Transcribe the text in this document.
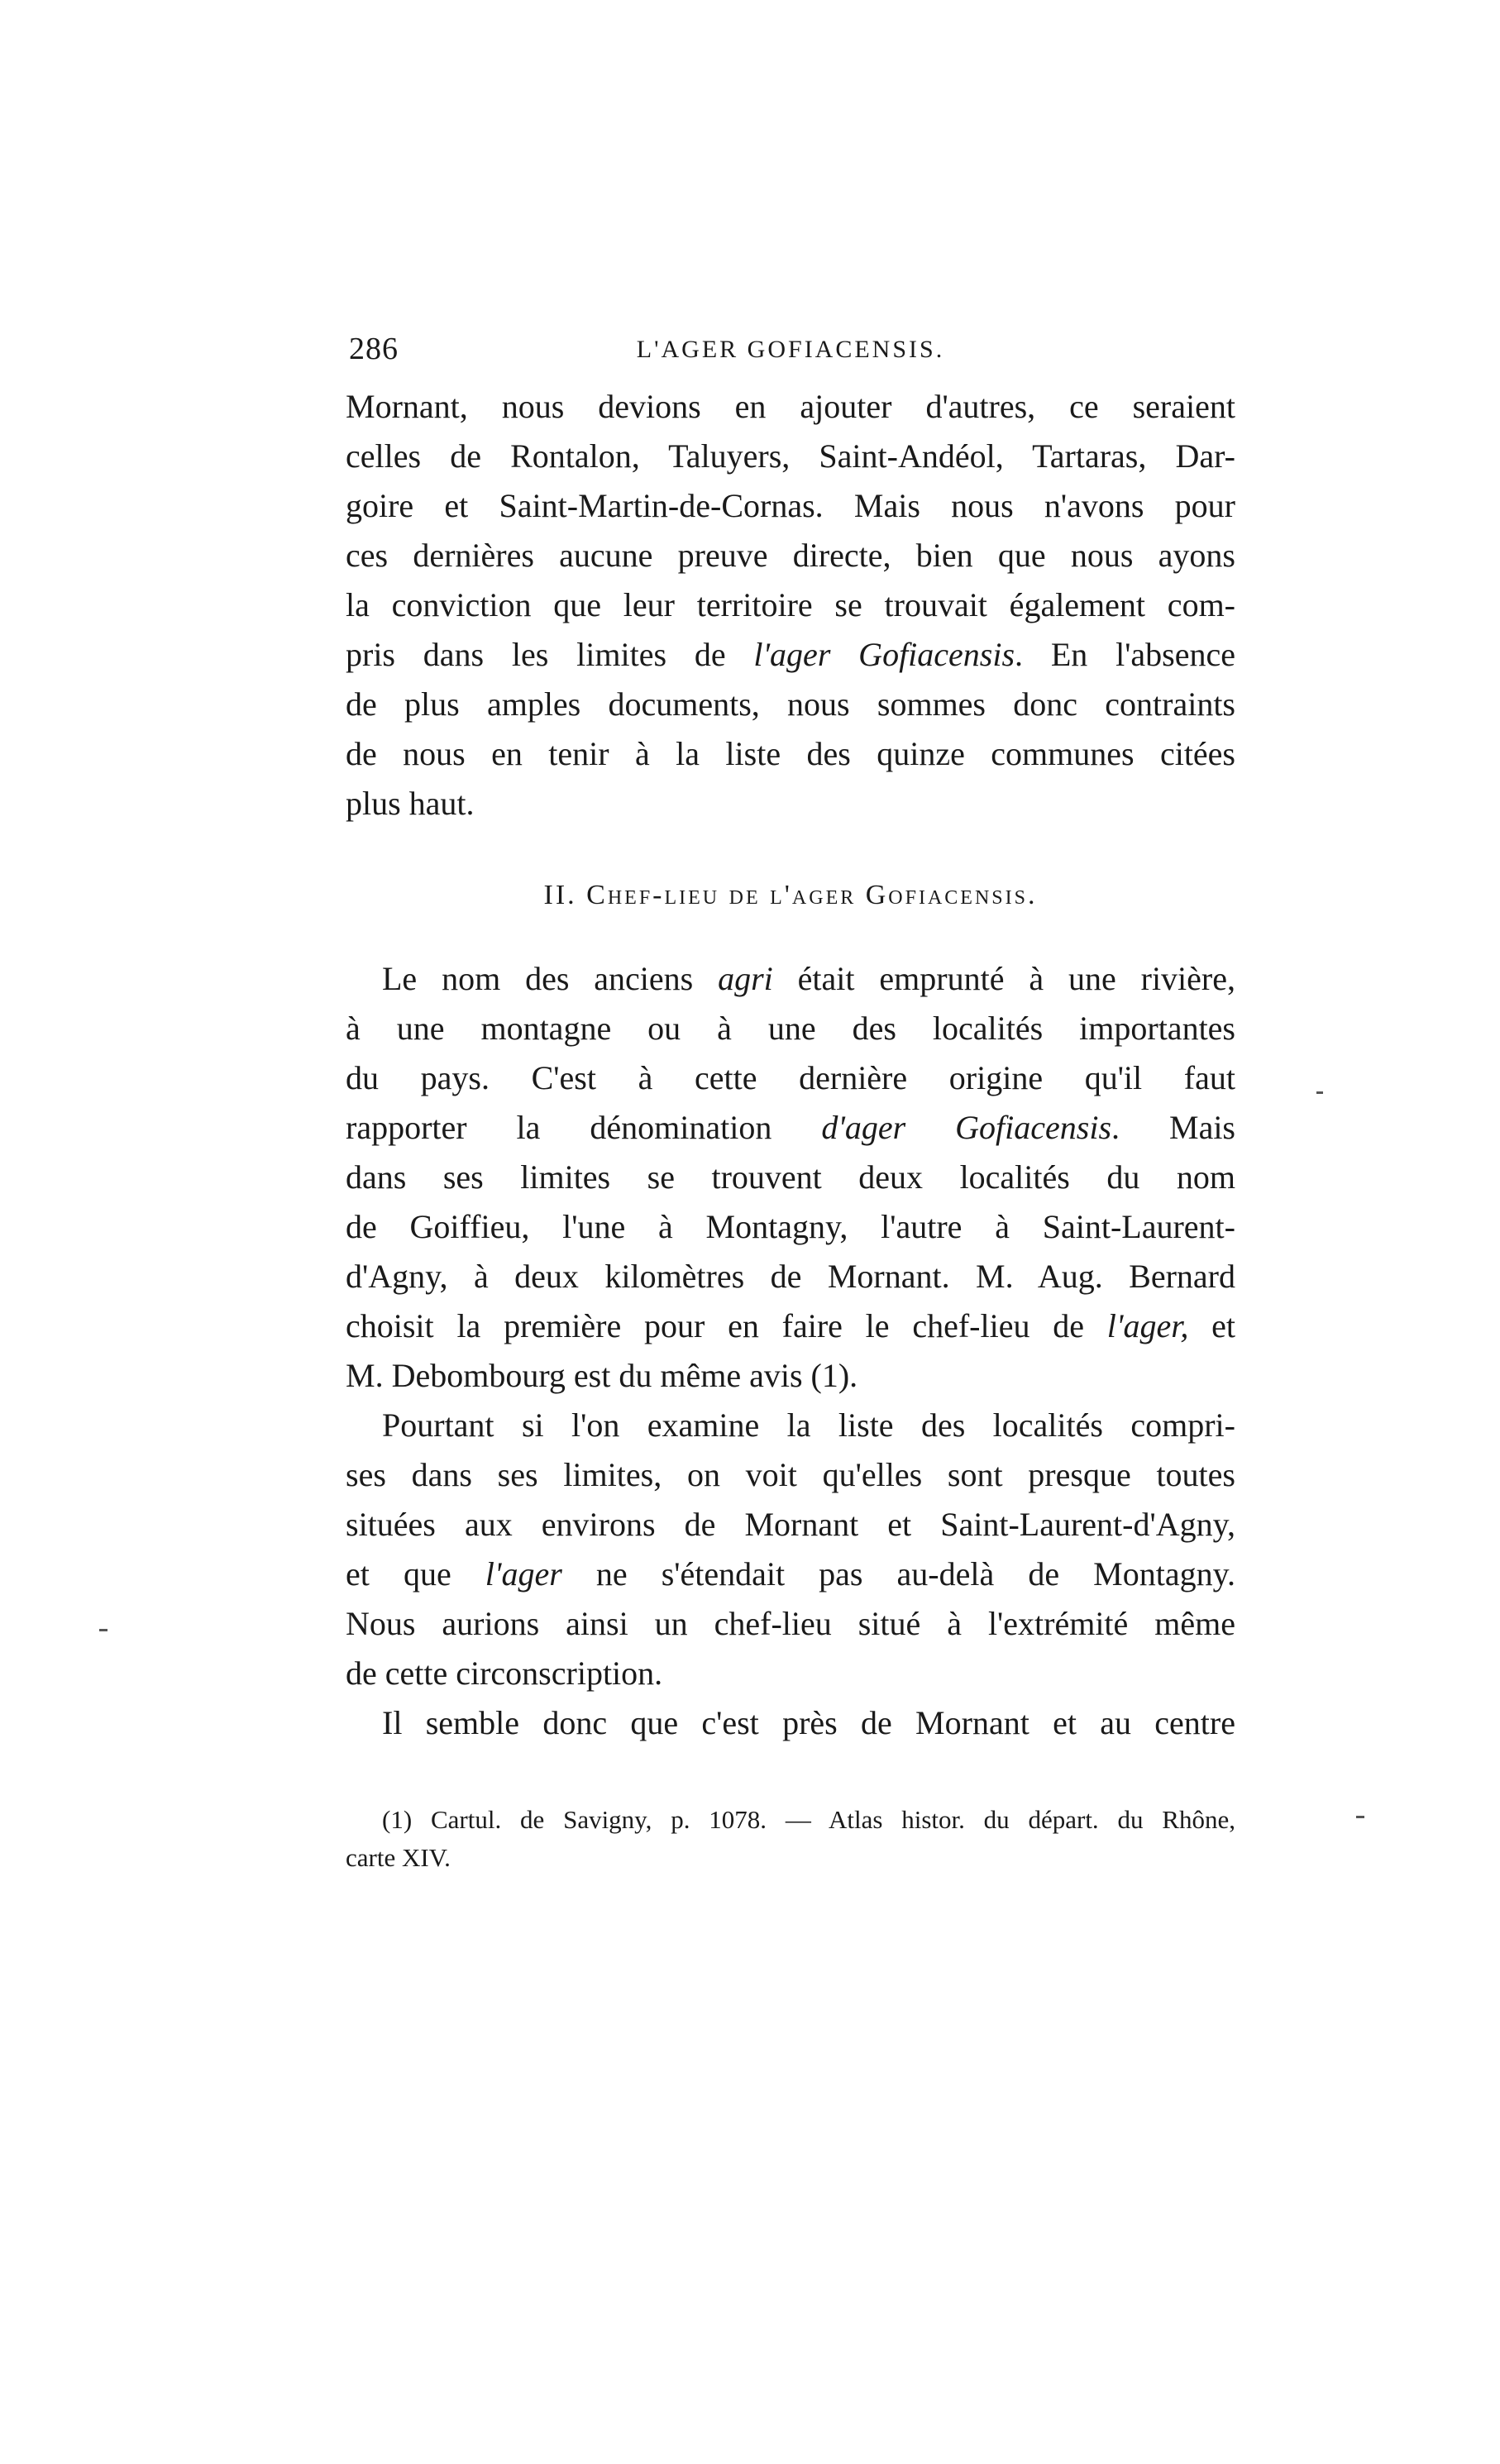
286	L'AGER GOFIACENSIS.
Mornant, nous devions en ajouter d'autres, ce seraient
celles de Rontalon, Taluyers, Saint-Andéol, Tartaras, Dar-
goire et Saint-Martin-de-Cornas. Mais nous n'avons pour
ces dernières aucune preuve directe, bien que nous ayons
la conviction que leur territoire se trouvait également com-
pris dans les limites de l'ager Gofiacensis. En l'absence
de plus amples documents, nous sommes donc contraints
de nous en tenir à la liste des quinze communes citées
plus haut.
II. Chef-lieu de l'ager Gofiacensis.
Le nom des anciens agri était emprunté à une rivière,
à une montagne ou à une des localités importantes
du pays. C'est à cette dernière origine qu'il faut
rapporter la dénomination d'ager Gofiacensis. Mais
dans ses limites se trouvent deux localités du nom
de Goiffieu, l'une à Montagny, l'autre à Saint-Laurent-
d'Agny, à deux kilomètres de Mornant. M. Aug. Bernard
choisit la première pour en faire le chef-lieu de l'ager, et
M. Debombourg est du même avis (1).
Pourtant si l'on examine la liste des localités compri-
ses dans ses limites, on voit qu'elles sont presque toutes
situées aux environs de Mornant et Saint-Laurent-d'Agny,
et que l'ager ne s'étendait pas au-delà de Montagny.
Nous aurions ainsi un chef-lieu situé à l'extrémité même
de cette circonscription.
Il semble donc que c'est près de Mornant et au centre
(1) Cartul. de Savigny, p. 1078. — Atlas histor. du départ. du Rhône,
carte XIV.
